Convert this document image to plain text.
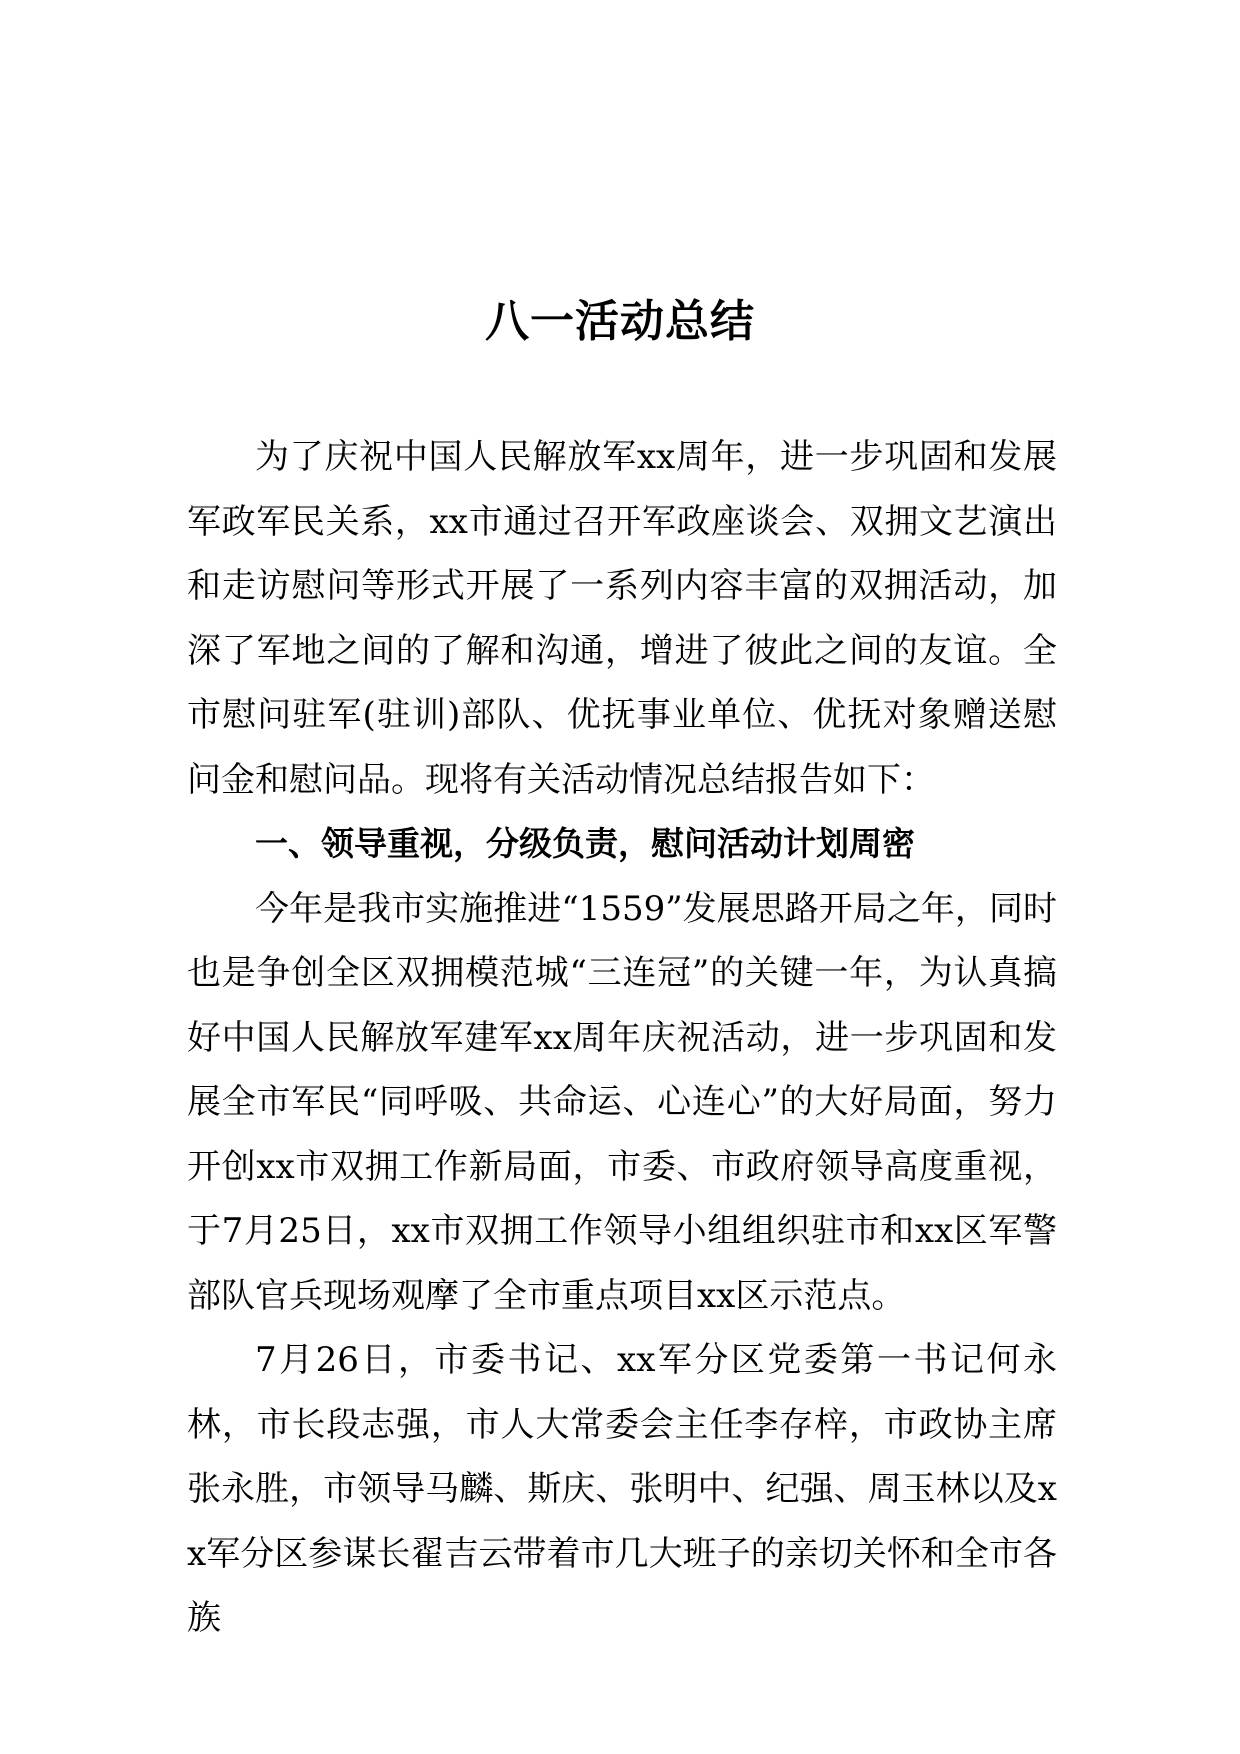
八一活动总结

为了庆祝中国人民解放军xx周年，进一步巩固和发展军政军民关系，xx市通过召开军政座谈会、双拥文艺演出和走访慰问等形式开展了一系列内容丰富的双拥活动，加深了军地之间的了解和沟通，增进了彼此之间的友谊。全市慰问驻军(驻训)部队、优抚事业单位、优抚对象赠送慰问金和慰问品。现将有关活动情况总结报告如下：

一、领导重视，分级负责，慰问活动计划周密

今年是我市实施推进“1559”发展思路开局之年，同时也是争创全区双拥模范城“三连冠”的关键一年，为认真搞好中国人民解放军建军xx周年庆祝活动，进一步巩固和发展全市军民“同呼吸、共命运、心连心”的大好局面，努力开创xx市双拥工作新局面，市委、市政府领导高度重视，于7月25日，xx市双拥工作领导小组组织驻市和xx区军警部队官兵现场观摩了全市重点项目xx区示范点。

7月26日，市委书记、xx军分区党委第一书记何永林，市长段志强，市人大常委会主任李存梓，市政协主席张永胜，市领导马麟、斯庆、张明中、纪强、周玉林以及xx军分区参谋长翟吉云带着市几大班子的亲切关怀和全市各族
